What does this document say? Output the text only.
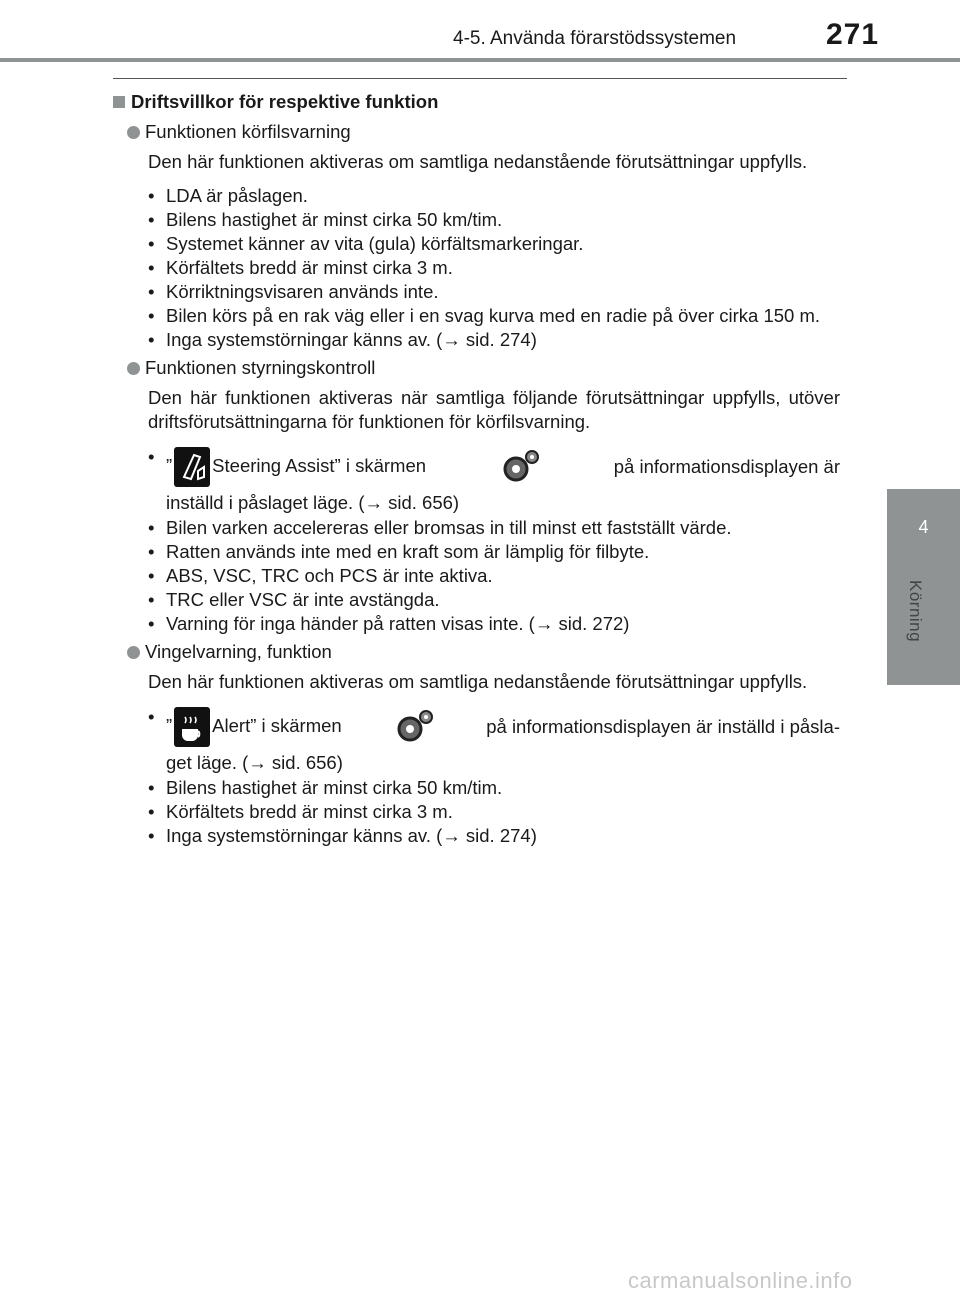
4-5. Använda förarstödssystemen	271
4
Körning
Driftsvillkor för respektive funktion
Funktionen körfilsvarning
Den här funktionen aktiveras om samtliga nedanstående förutsättningar uppfylls.
• LDA är påslagen.
• Bilens hastighet är minst cirka 50 km/tim.
• Systemet känner av vita (gula) körfältsmarkeringar.
• Körfältets bredd är minst cirka 3 m.
• Körriktningsvisaren används inte.
• Bilen körs på en rak väg eller i en svag kurva med en radie på över cirka 150 m.
• Inga systemstörningar känns av. (→ sid. 274)
Funktionen styrningskontroll
Den här funktionen aktiveras när samtliga följande förutsättningar uppfylls, utöver driftsförutsättningarna för funktionen för körfilsvarning.
• ” Steering Assist” i skärmen	på informationsdisplayen är
inställd i påslaget läge. (→ sid. 656)
• Bilen varken accelereras eller bromsas in till minst ett fastställt värde.
• Ratten används inte med en kraft som är lämplig för filbyte.
• ABS, VSC, TRC och PCS är inte aktiva.
• TRC eller VSC är inte avstängda.
• Varning för inga händer på ratten visas inte. (→ sid. 272)
Vingelvarning, funktion
Den här funktionen aktiveras om samtliga nedanstående förutsättningar uppfylls.
• ” Alert” i skärmen	på informationsdisplayen är inställd i påsla-
get läge. (→ sid. 656)
• Bilens hastighet är minst cirka 50 km/tim.
• Körfältets bredd är minst cirka 3 m.
• Inga systemstörningar känns av. (→ sid. 274)
carmanualsonline.info
